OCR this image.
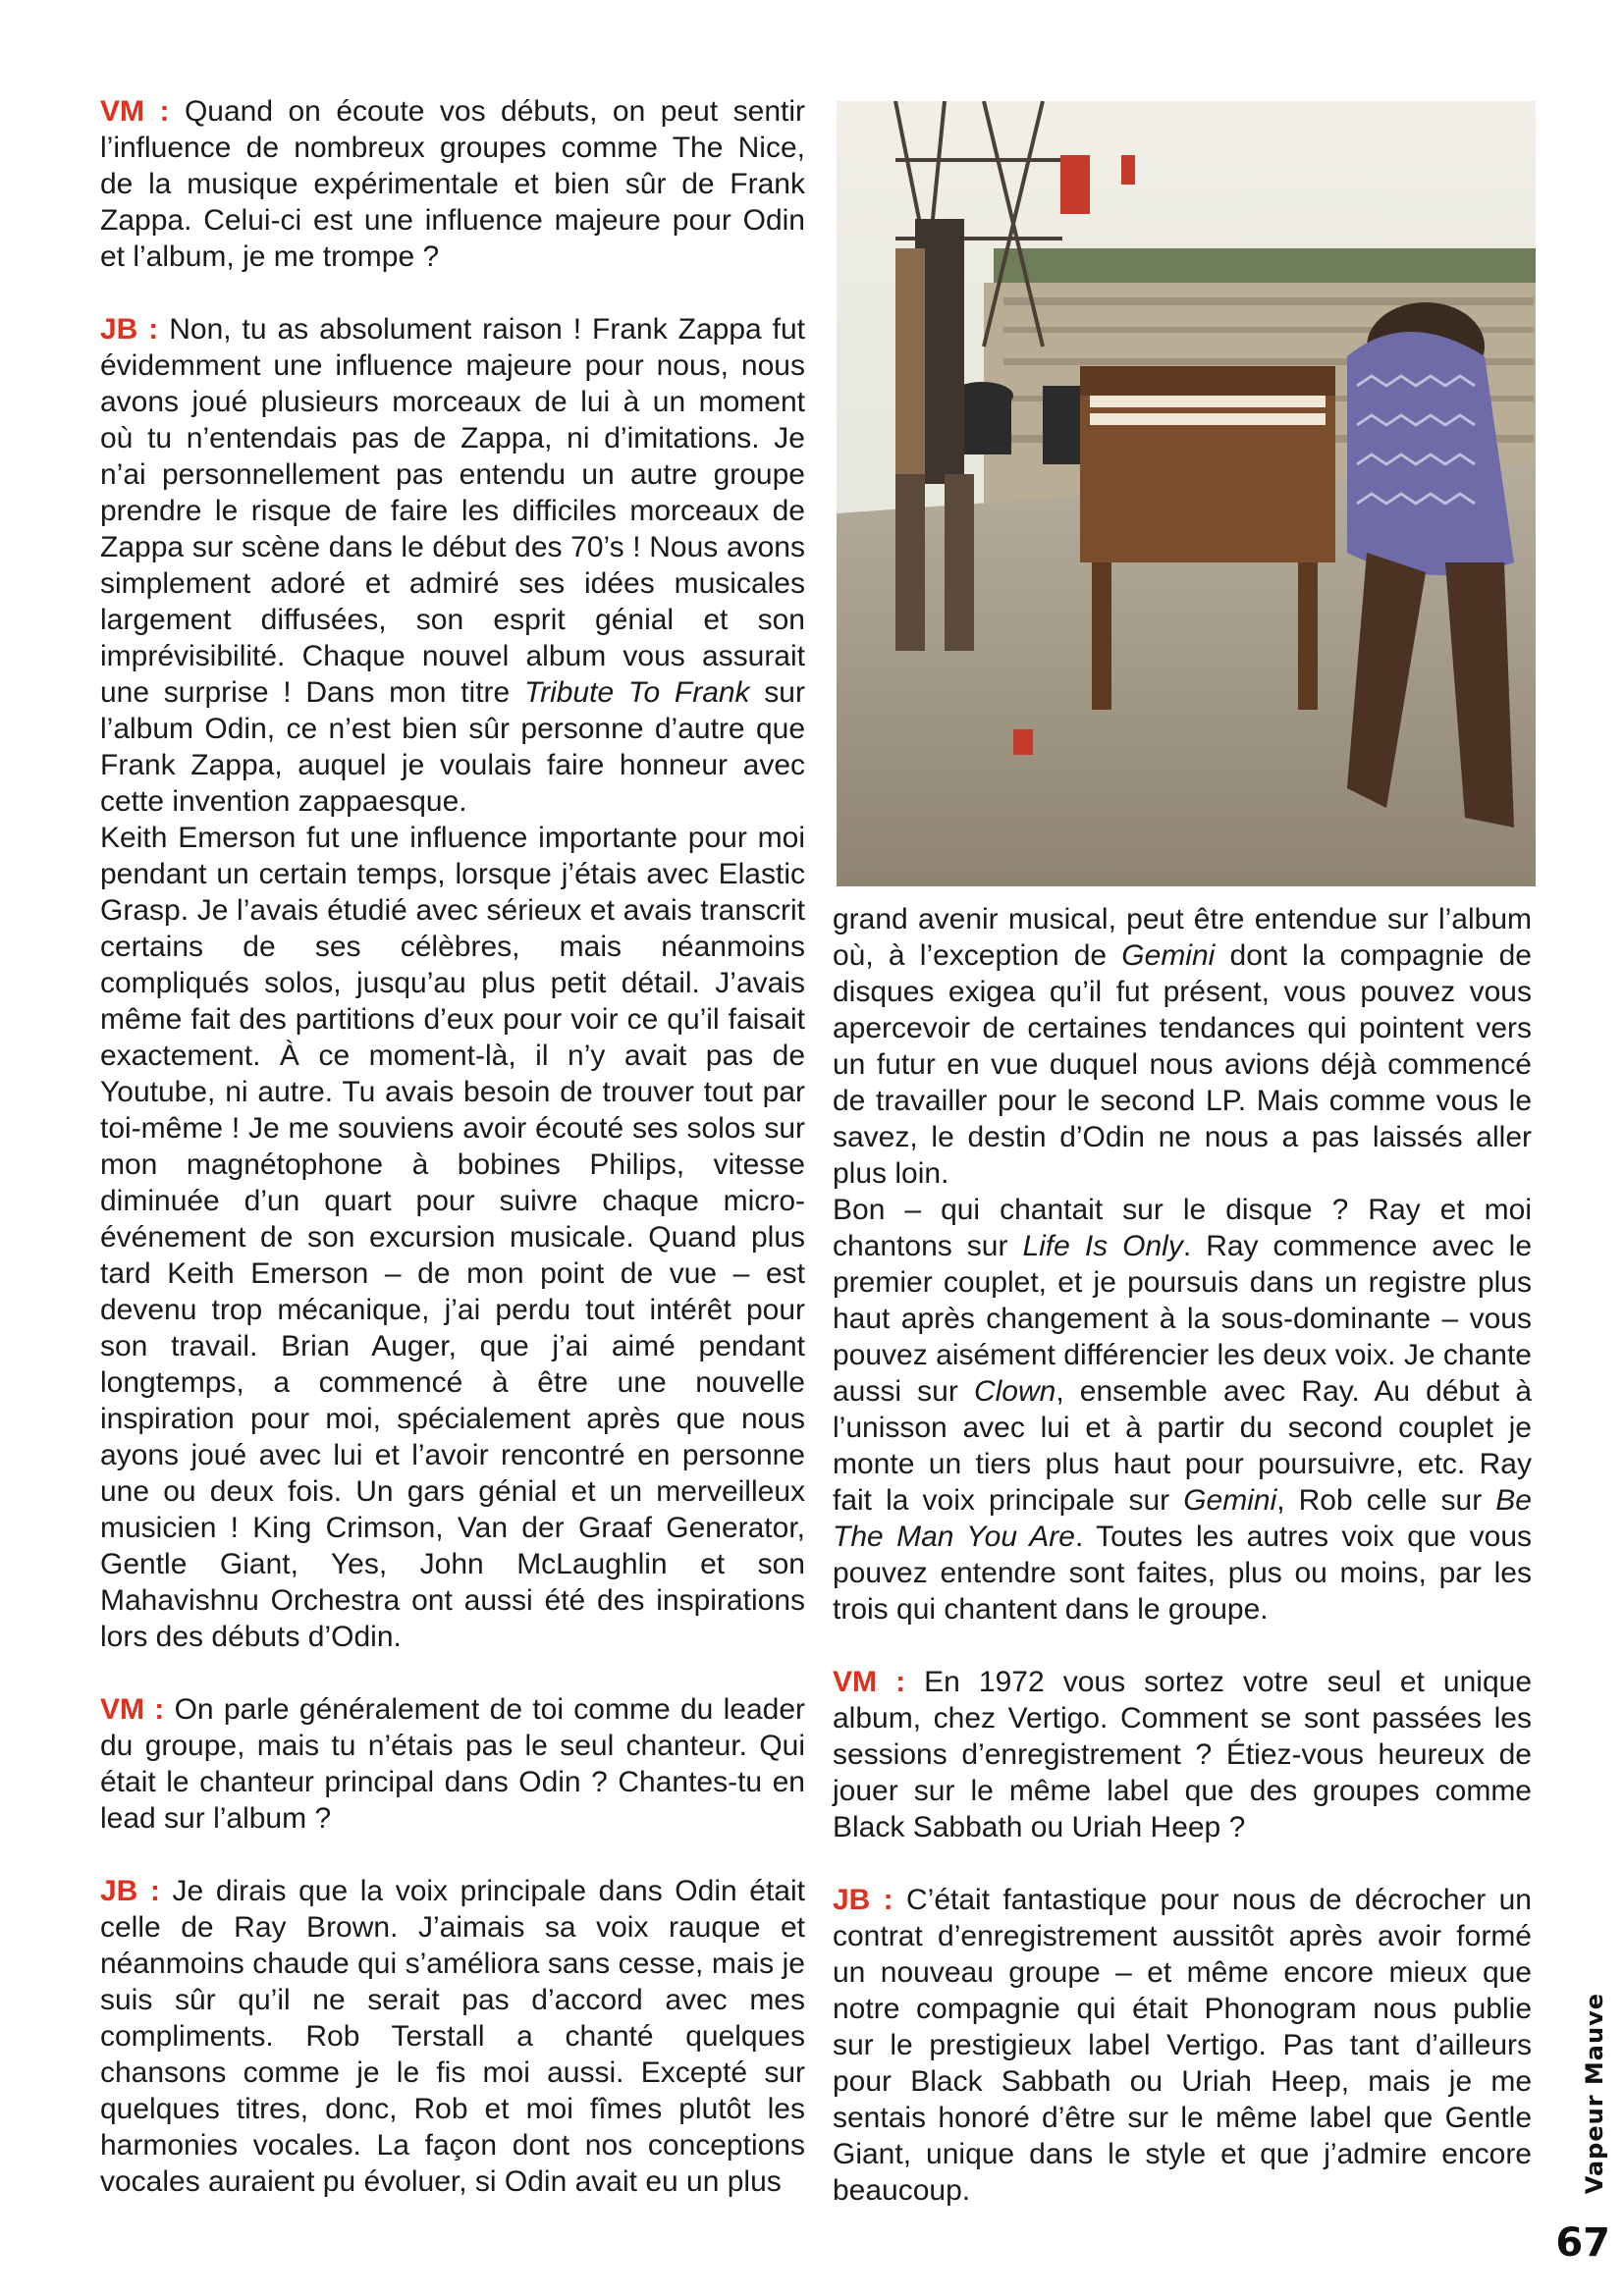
VM : Quand on écoute vos débuts, on peut sentir l’influence de nombreux groupes comme The Nice, de la musique expérimentale et bien sûr de Frank Zappa. Celui-ci est une influence majeure pour Odin et l’album, je me trompe ?

JB : Non, tu as absolument raison ! Frank Zappa fut évidemment une influence majeure pour nous, nous avons joué plusieurs morceaux de lui à un moment où tu n’entendais pas de Zappa, ni d’imitations. Je n’ai personnellement pas entendu un autre groupe prendre le risque de faire les difficiles morceaux de Zappa sur scène dans le début des 70’s ! Nous avons simplement adoré et admiré ses idées musicales largement diffusées, son esprit génial et son imprévisibilité. Chaque nouvel album vous assurait une surprise ! Dans mon titre Tribute To Frank sur l’album Odin, ce n’est bien sûr personne d’autre que Frank Zappa, auquel je voulais faire honneur avec cette invention zappaesque.

Keith Emerson fut une influence importante pour moi pendant un certain temps, lorsque j’étais avec Elastic Grasp. Je l’avais étudié avec sérieux et avais transcrit certains de ses célèbres, mais néanmoins compliqués solos, jusqu’au plus petit détail. J’avais même fait des partitions d’eux pour voir ce qu’il faisait exactement. À ce moment-là, il n’y avait pas de Youtube, ni autre. Tu avais besoin de trouver tout par toi-même ! Je me souviens avoir écouté ses solos sur mon magnétophone à bobines Philips, vitesse diminuée d’un quart pour suivre chaque micro-événement de son excursion musicale. Quand plus tard Keith Emerson – de mon point de vue – est devenu trop mécanique, j’ai perdu tout intérêt pour son travail. Brian Auger, que j’ai aimé pendant longtemps, a commencé à être une nouvelle inspiration pour moi, spécialement après que nous ayons joué avec lui et l’avoir rencontré en personne une ou deux fois. Un gars génial et un merveilleux musicien ! King Crimson, Van der Graaf Generator, Gentle Giant, Yes, John McLaughlin et son Mahavishnu Orchestra ont aussi été des inspirations lors des débuts d’Odin.

VM : On parle généralement de toi comme du leader du groupe, mais tu n’étais pas le seul chanteur. Qui était le chanteur principal dans Odin ? Chantes-tu en lead sur l’album ?

JB : Je dirais que la voix principale dans Odin était celle de Ray Brown. J’aimais sa voix rauque et néanmoins chaude qui s’améliora sans cesse, mais je suis sûr qu’il ne serait pas d’accord avec mes compliments. Rob Terstall a chanté quelques chansons comme je le fis moi aussi. Excepté sur quelques titres, donc, Rob et moi fîmes plutôt les harmonies vocales. La façon dont nos conceptions vocales auraient pu évoluer, si Odin avait eu un plus

grand avenir musical, peut être entendue sur l’album où, à l’exception de Gemini dont la compagnie de disques exigea qu’il fut présent, vous pouvez vous apercevoir de certaines tendances qui pointent vers un futur en vue duquel nous avions déjà commencé de travailler pour le second LP. Mais comme vous le savez, le destin d’Odin ne nous a pas laissés aller plus loin.

Bon – qui chantait sur le disque ? Ray et moi chantons sur Life Is Only. Ray commence avec le premier couplet, et je poursuis dans un registre plus haut après changement à la sous-dominante – vous pouvez aisément différencier les deux voix. Je chante aussi sur Clown, ensemble avec Ray. Au début à l’unisson avec lui et à partir du second couplet je monte un tiers plus haut pour poursuivre, etc. Ray fait la voix principale sur Gemini, Rob celle sur Be The Man You Are. Toutes les autres voix que vous pouvez entendre sont faites, plus ou moins, par les trois qui chantent dans le groupe.

VM : En 1972 vous sortez votre seul et unique album, chez Vertigo. Comment se sont passées les sessions d’enregistrement ? Étiez-vous heureux de jouer sur le même label que des groupes comme Black Sabbath ou Uriah Heep ?

JB : C’était fantastique pour nous de décrocher un contrat d’enregistrement aussitôt après avoir formé un nouveau groupe – et même encore mieux que notre compagnie qui était Phonogram nous publie sur le prestigieux label Vertigo. Pas tant d’ailleurs pour Black Sabbath ou Uriah Heep, mais je me sentais honoré d’être sur le même label que Gentle Giant, unique dans le style et que j’admire encore beaucoup.	Vapeur Mauve
67
